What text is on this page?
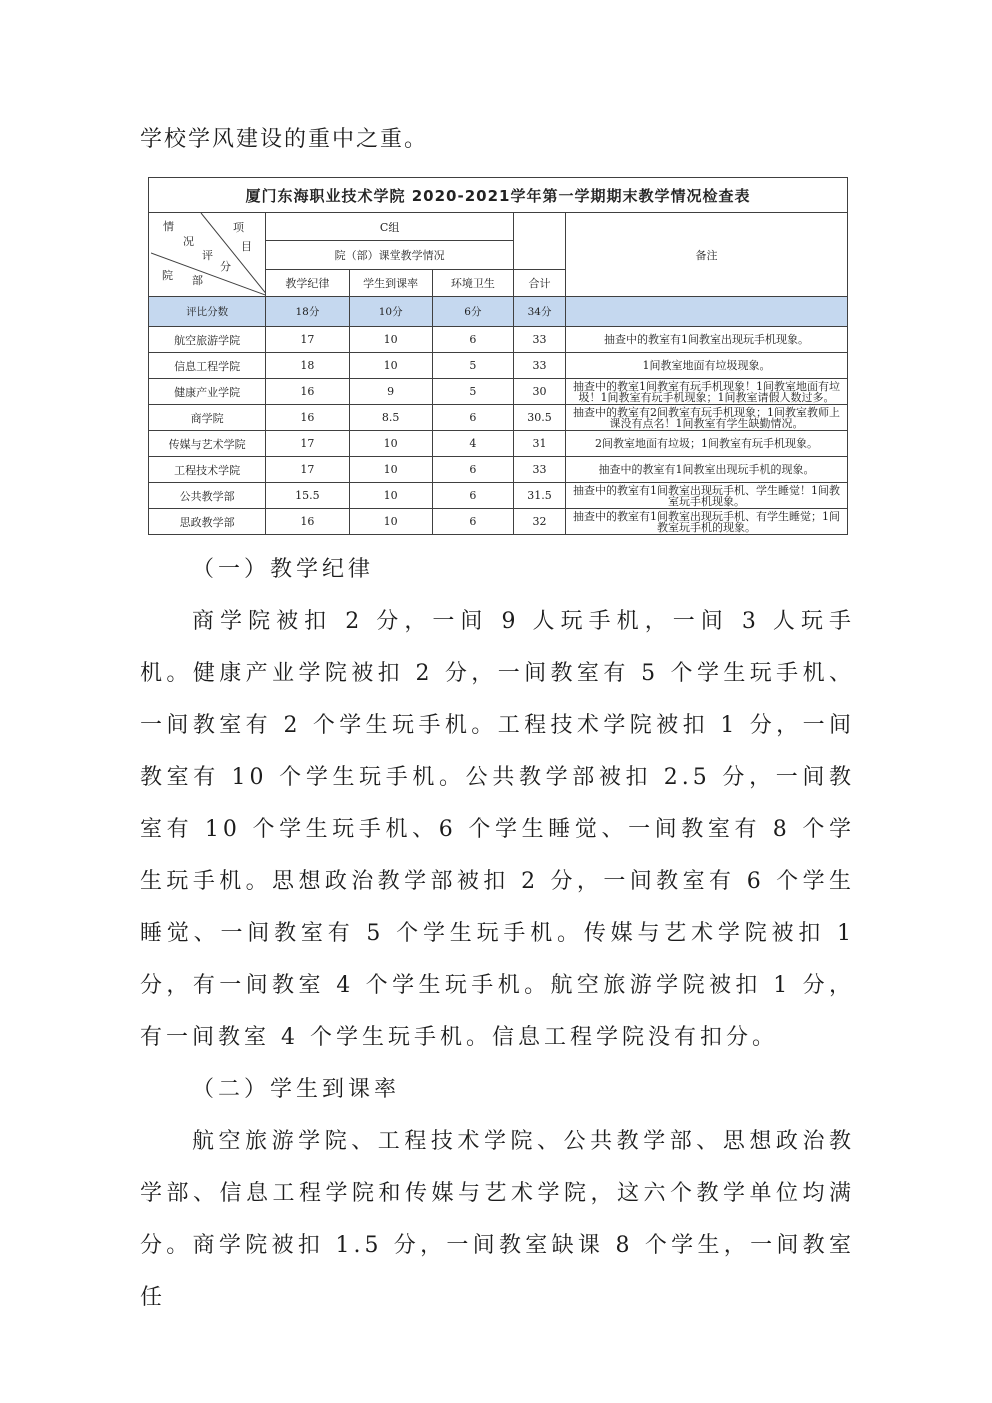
学校学风建设的重中之重。

厦门东海职业技术学院 2020-2021学年第一学期期末教学情况检查表					

情
况
项
目
评
分
院 部
	C组		备注
	院（部）课堂教学情况				
	教学纪律	学生到课率	环境卫生	合计	
评比分数	18分	10分	6分	34分	
航空旅游学院	17	10	6	33	抽查中的教室有1间教室出现玩手机现象。
信息工程学院	18	10	5	33	1间教室地面有垃圾现象。
健康产业学院	16	9	5	30	抽查中的教室1间教室有玩手机现象！1间教室地面有垃圾！1间教室有玩手机现象；1间教室请假人数过多。
商学院	16	8.5	6	30.5	抽查中的教室有2间教室有玩手机现象；1间教室教师上课没有点名！1间教室有学生缺勤情况。
传媒与艺术学院	17	10	4	31	2间教室地面有垃圾；1间教室有玩手机现象。
工程技术学院	17	10	6	33	抽查中的教室有1间教室出现玩手机的现象。
公共教学部	15.5	10	6	31.5	抽查中的教室有1间教室出现玩手机、学生睡觉！1间教室玩手机现象。
思政教学部	16	10	6	32	抽查中的教室有1间教室出现玩手机、有学生睡觉；1间教室玩手机的现象。

（一）教学纪律

商学院被扣 2 分，一间 9 人玩手机，一间 3 人玩手机。健康产业学院被扣 2 分，一间教室有 5 个学生玩手机、一间教室有 2 个学生玩手机。工程技术学院被扣 1 分，一间教室有 10 个学生玩手机。公共教学部被扣 2.5 分，一间教室有 10 个学生玩手机、6 个学生睡觉、一间教室有 8 个学生玩手机。思想政治教学部被扣 2 分，一间教室有 6 个学生睡觉、一间教室有 5 个学生玩手机。传媒与艺术学院被扣 1 分，有一间教室 4 个学生玩手机。航空旅游学院被扣 1 分，有一间教室 4 个学生玩手机。信息工程学院没有扣分。

（二）学生到课率

航空旅游学院、工程技术学院、公共教学部、思想政治教学部、信息工程学院和传媒与艺术学院，这六个教学单位均满分。商学院被扣 1.5 分，一间教室缺课 8 个学生，一间教室任
